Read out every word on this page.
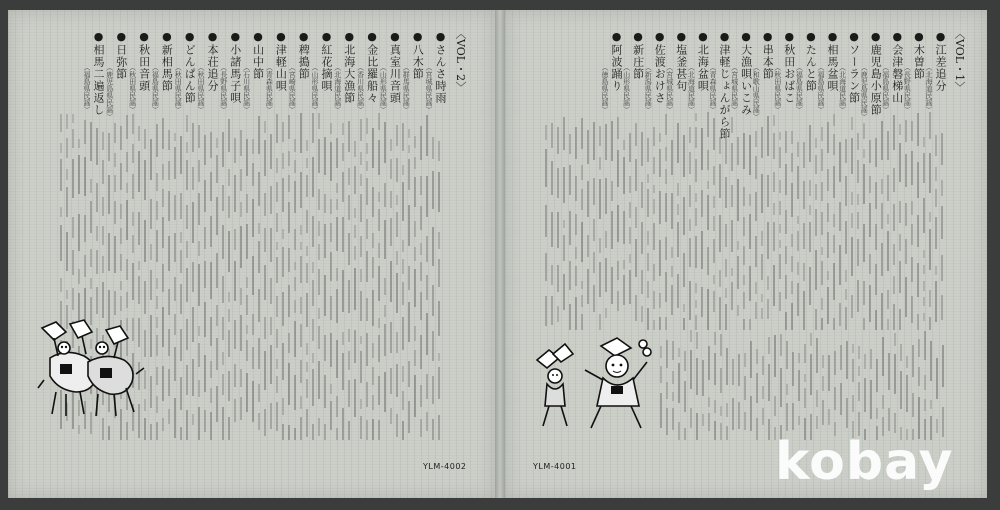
〈VOL・2〉	〈VOL・1〉
●さんさ時雨
（宮城県民謡）
●八木節
（群馬県民謡）
●真室川音頭
（山形県民謡）
●金比羅船々
（香川県民謡）
●北海大漁節
（北海道民謡）
●紅花摘唄
（山形県民謡）
●稗搗節
（宮崎県民謡）
●津軽山唄
（青森県民謡）
●山中節
（石川県民謡）
●小諸馬子唄
（長野県民謡）
●本荘追分
（秋田県民謡）
●どんぱん節
（秋田県民謡）
●新相馬節
（福島県民謡）
●秋田音頭
（秋田県民謡）
●日弥節
（鹿児島県民謡）
●相馬二遍返し
（福島県民謡）	●江差追分
（北海道民謡）
●木曽節
（長野県民謡）
●会津磐梯山
（福島県民謡）
●鹿児島小原節
（鹿児島県民謡）
●ソーラン節
（北海道民謡）
●相馬盆唄
（福島県民謡）
●たんと節
（福島県民謡）
●秋田おばこ
（秋田県民謡）
●串本節
（和歌山県民謡）
●大漁唄いこみ
（宮城県民謡）
●津軽じょんがら節
（青森県民謡）
●北海盆唄
（北海道民謡）
●塩釜甚句
（宮城県民謡）
●佐渡おけさ
（新潟県民謡）
●新庄節
（山形県民謡）
●阿波踊り
（徳島県民謡）
YLM-4002	YLM-4001	kobay
